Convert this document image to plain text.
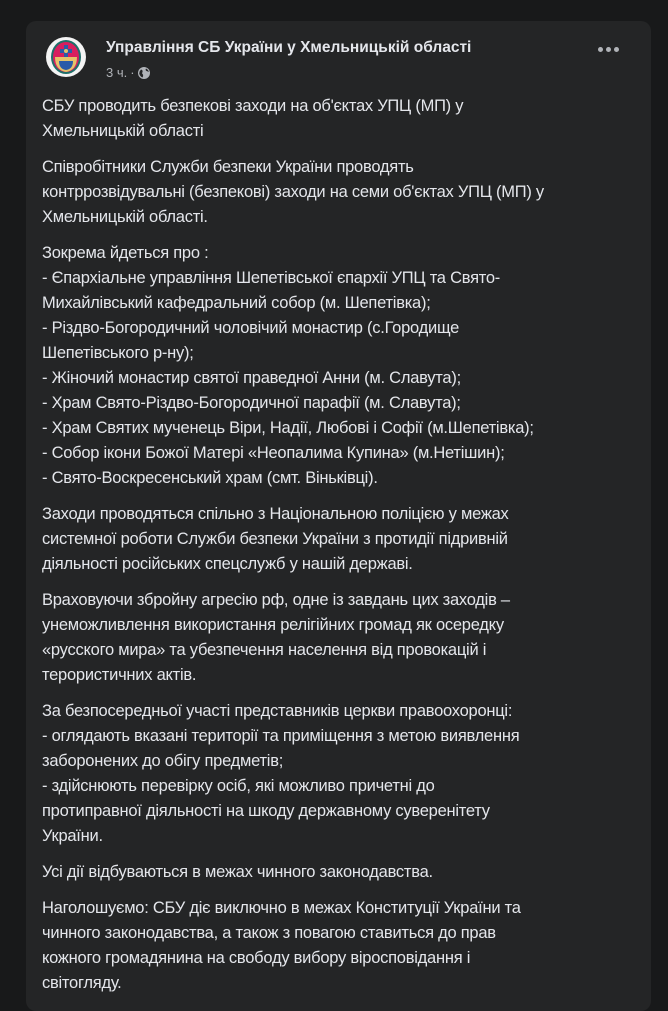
Управління СБ України у Хмельницькій області
3 ч. ·

СБУ проводить безпекові заходи на об'єктах УПЦ (МП) у
Хмельницькій області

Співробітники Служби безпеки України проводять
контррозвідувальні (безпекові) заходи на семи об'єктах УПЦ (МП) у
Хмельницькій області.

Зокрема йдеться про :
- Єпархіальне управління Шепетівської єпархії УПЦ та Свято-
Михайлівський кафедральний собор (м. Шепетівка);
- Різдво-Богородичний чоловічий монастир (с.Городище
Шепетівського р-ну);
- Жіночий монастир святої праведної Анни (м. Славута);
- Храм Свято-Різдво-Богородичної парафії (м. Славута);
- Храм Святих мученець Віри, Надії, Любові і Софії (м.Шепетівка);
- Собор ікони Божої Матері «Неопалима Купина» (м.Нетішин);
- Свято-Воскресенський храм (смт. Віньківці).

Заходи проводяться спільно з Національною поліцією у межах
системної роботи Служби безпеки України з протидії підривній
діяльності російських спецслужб у нашій державі.

Враховуючи збройну агресію рф, одне із завдань цих заходів –
унеможливлення використання релігійних громад як осередку
«русского мира» та убезпечення населення від провокацій і
терористичних актів.

За безпосередньої участі представників церкви правоохоронці:
- оглядають вказані території та приміщення з метою виявлення
заборонених до обігу предметів;
- здійснюють перевірку осіб, які можливо причетні до
протиправної діяльності на шкоду державному суверенітету
України.

Усі дії відбуваються в межах чинного законодавства.

Наголошуємо: СБУ діє виключно в межах Конституції України та
чинного законодавства, а також з повагою ставиться до прав
кожного громадянина на свободу вибору віросповідання і
світогляду.
